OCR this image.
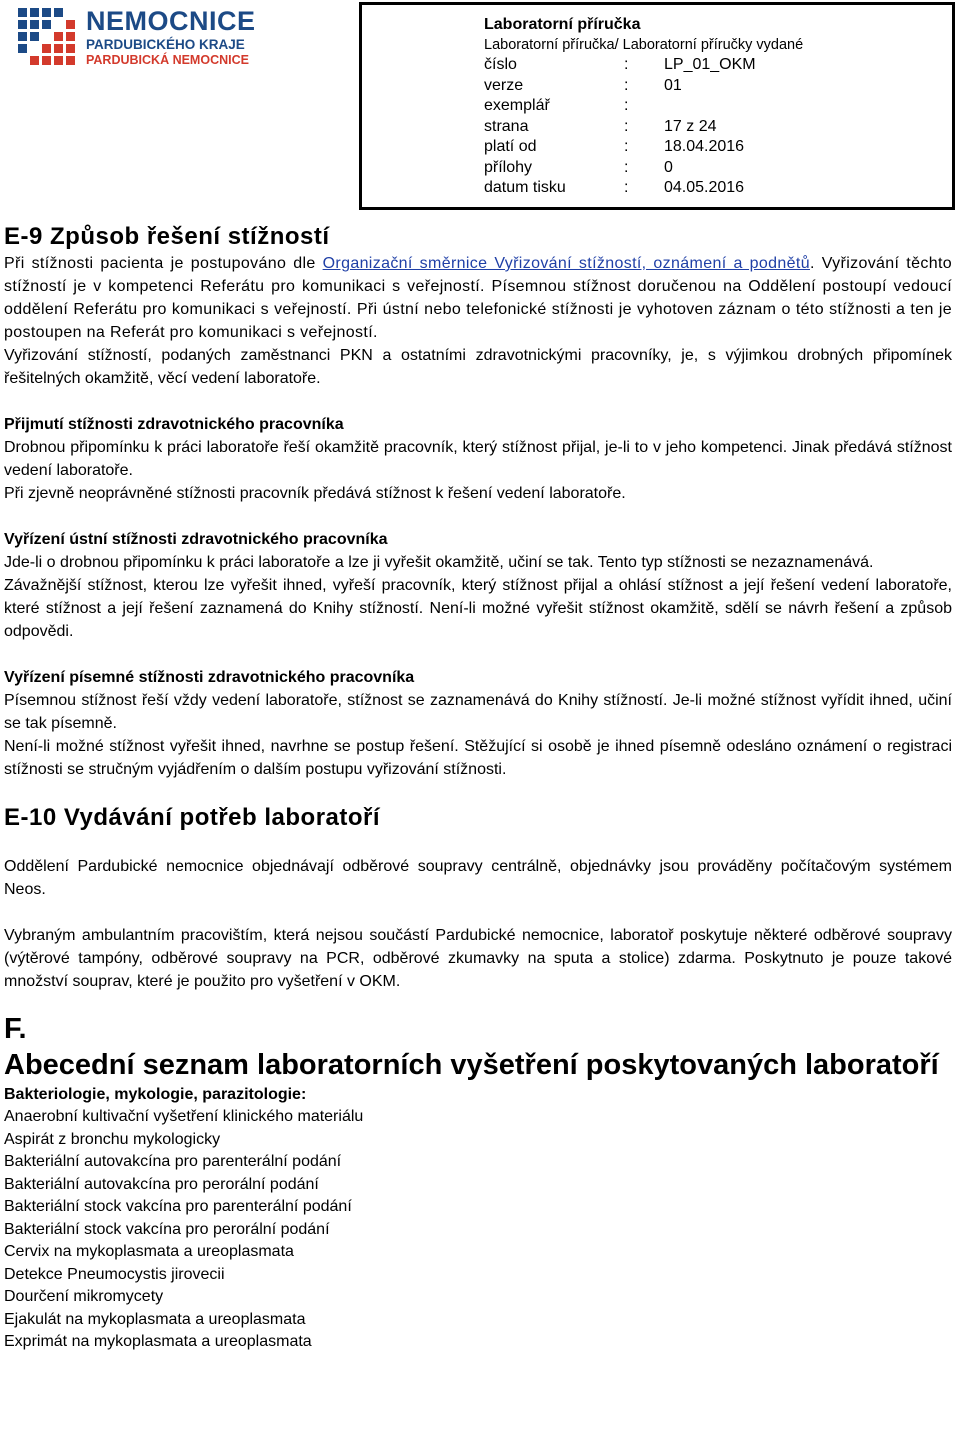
NEMOCNICE
PARDUBICKÉHO KRAJE
PARDUBICKÁ NEMOCNICE
Laboratorní příručka
Laboratorní příručka/ Laboratorní příručky vydané
číslo	: LP_01_OKM
verze	: 01
exemplář	:
strana	: 17 z 24
platí od	: 18.04.2016
přílohy	: 0
datum tisku	: 04.05.2016
E-9 Způsob řešení stížností

Při stížnosti pacienta je postupováno dle Organizační směrnice Vyřizování stížností, oznámení a podnětů. Vyřizování těchto stížností je v kompetenci Referátu pro komunikaci s veřejností. Písemnou stížnost doručenou na Oddělení postoupí vedoucí oddělení Referátu pro komunikaci s veřejností. Při ústní nebo telefonické stížnosti je vyhotoven záznam o této stížnosti a ten je postoupen na Referát pro komunikaci s veřejností.

Vyřizování stížností, podaných zaměstnanci PKN a ostatními zdravotnickými pracovníky, je, s výjimkou drobných připomínek řešitelných okamžitě, věcí vedení laboratoře.

Přijmutí stížnosti zdravotnického pracovníka

Drobnou připomínku k práci laboratoře řeší okamžitě pracovník, který stížnost přijal, je-li to v jeho kompetenci. Jinak předává stížnost vedení laboratoře.

Při zjevně neoprávněné stížnosti pracovník předává stížnost k řešení vedení laboratoře.

Vyřízení ústní stížnosti zdravotnického pracovníka

Jde-li o drobnou připomínku k práci laboratoře a lze ji vyřešit okamžitě, učiní se tak. Tento typ stížnosti se nezaznamenává.

Závažnější stížnost, kterou lze vyřešit ihned, vyřeší pracovník, který stížnost přijal a ohlásí stížnost a její řešení vedení laboratoře, které stížnost a její řešení zaznamená do Knihy stížností. Není-li možné vyřešit stížnost okamžitě, sdělí se návrh řešení a způsob odpovědi.

Vyřízení písemné stížnosti zdravotnického pracovníka

Písemnou stížnost řeší vždy vedení laboratoře, stížnost se zaznamenává do Knihy stížností. Je-li možné stížnost vyřídit ihned, učiní se tak písemně.

Není-li možné stížnost vyřešit ihned, navrhne se postup řešení. Stěžující si osobě je ihned písemně odesláno oznámení o registraci stížnosti se stručným vyjádřením o dalším postupu vyřizování stížnosti.

E-10 Vydávání potřeb laboratoří

Oddělení Pardubické nemocnice objednávají odběrové soupravy centrálně, objednávky jsou prováděny počítačovým systémem Neos.

Vybraným ambulantním pracovištím, která nejsou součástí Pardubické nemocnice, laboratoř poskytuje některé odběrové soupravy (výtěrové tampóny, odběrové soupravy na PCR, odběrové zkumavky na sputa a stolice) zdarma. Poskytnuto je pouze takové množství souprav, které je použito pro vyšetření v OKM.

F.

Abecední seznam laboratorních vyšetření poskytovaných laboratoří

Bakteriologie, mykologie, parazitologie:

Anaerobní kultivační vyšetření klinického materiálu

Aspirát z bronchu mykologicky

Bakteriální autovakcína pro parenterální podání

Bakteriální autovakcína pro perorální podání

Bakteriální stock vakcína pro parenterální podání

Bakteriální stock vakcína pro perorální podání

Cervix na mykoplasmata a ureoplasmata

Detekce Pneumocystis jirovecii

Dourčení mikromycety

Ejakulát na mykoplasmata a ureoplasmata

Exprimát na mykoplasmata a ureoplasmata
